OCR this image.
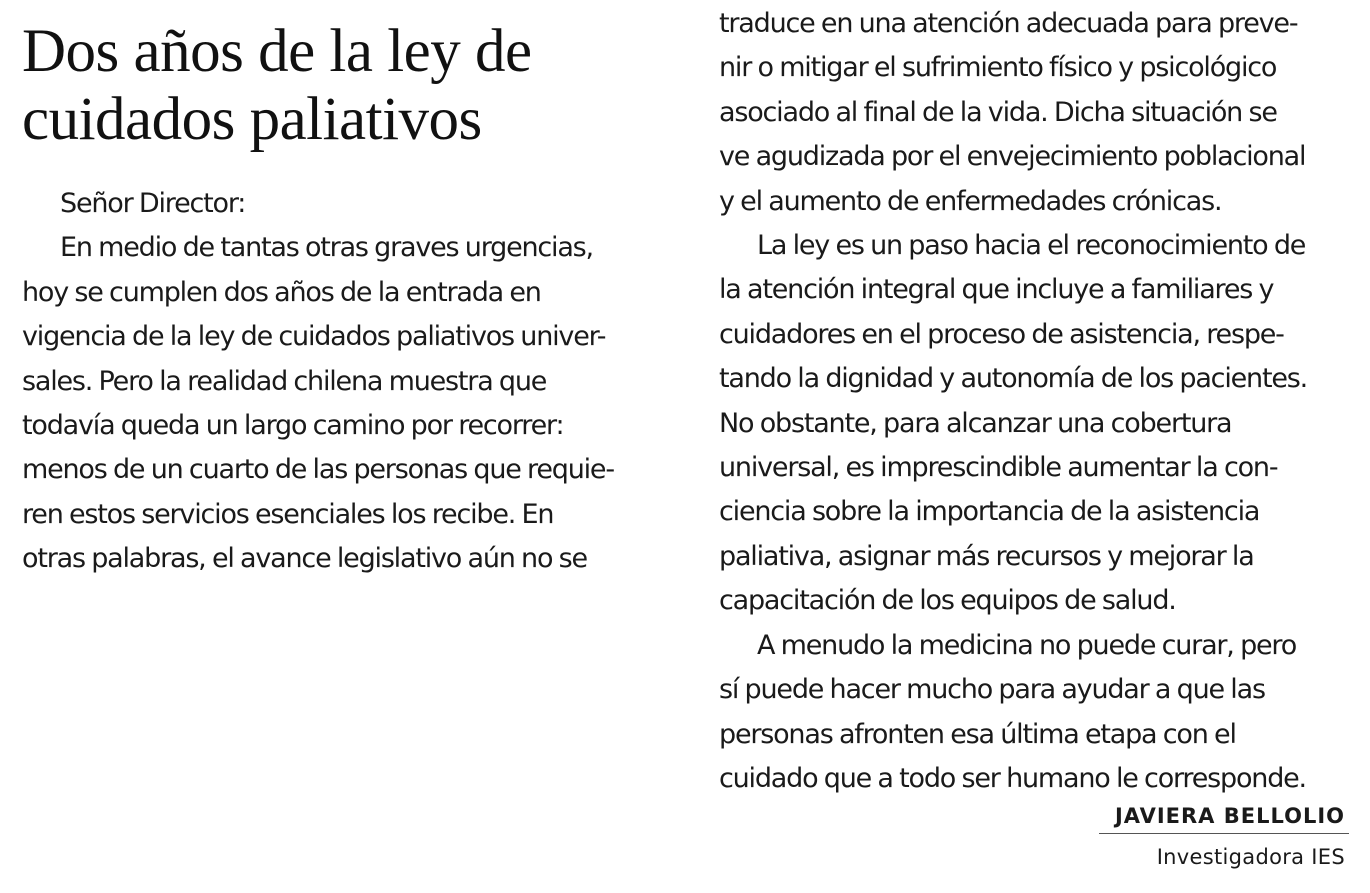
Dos años de la ley de
cuidados paliativos
Señor Director:
En medio de tantas otras graves urgencias,
hoy se cumplen dos años de la entrada en
vigencia de la ley de cuidados paliativos univer-
sales. Pero la realidad chilena muestra que
todavía queda un largo camino por recorrer:
menos de un cuarto de las personas que requie-
ren estos servicios esenciales los recibe. En
otras palabras, el avance legislativo aún no se
traduce en una atención adecuada para preve-
nir o mitigar el sufrimiento físico y psicológico
asociado al final de la vida. Dicha situación se
ve agudizada por el envejecimiento poblacional
y el aumento de enfermedades crónicas.
La ley es un paso hacia el reconocimiento de
la atención integral que incluye a familiares y
cuidadores en el proceso de asistencia, respe-
tando la dignidad y autonomía de los pacientes.
No obstante, para alcanzar una cobertura
universal, es imprescindible aumentar la con-
ciencia sobre la importancia de la asistencia
paliativa, asignar más recursos y mejorar la
capacitación de los equipos de salud.
A menudo la medicina no puede curar, pero
sí puede hacer mucho para ayudar a que las
personas afronten esa última etapa con el
cuidado que a todo ser humano le corresponde.
JAVIERA BELLOLIO
Investigadora IES
